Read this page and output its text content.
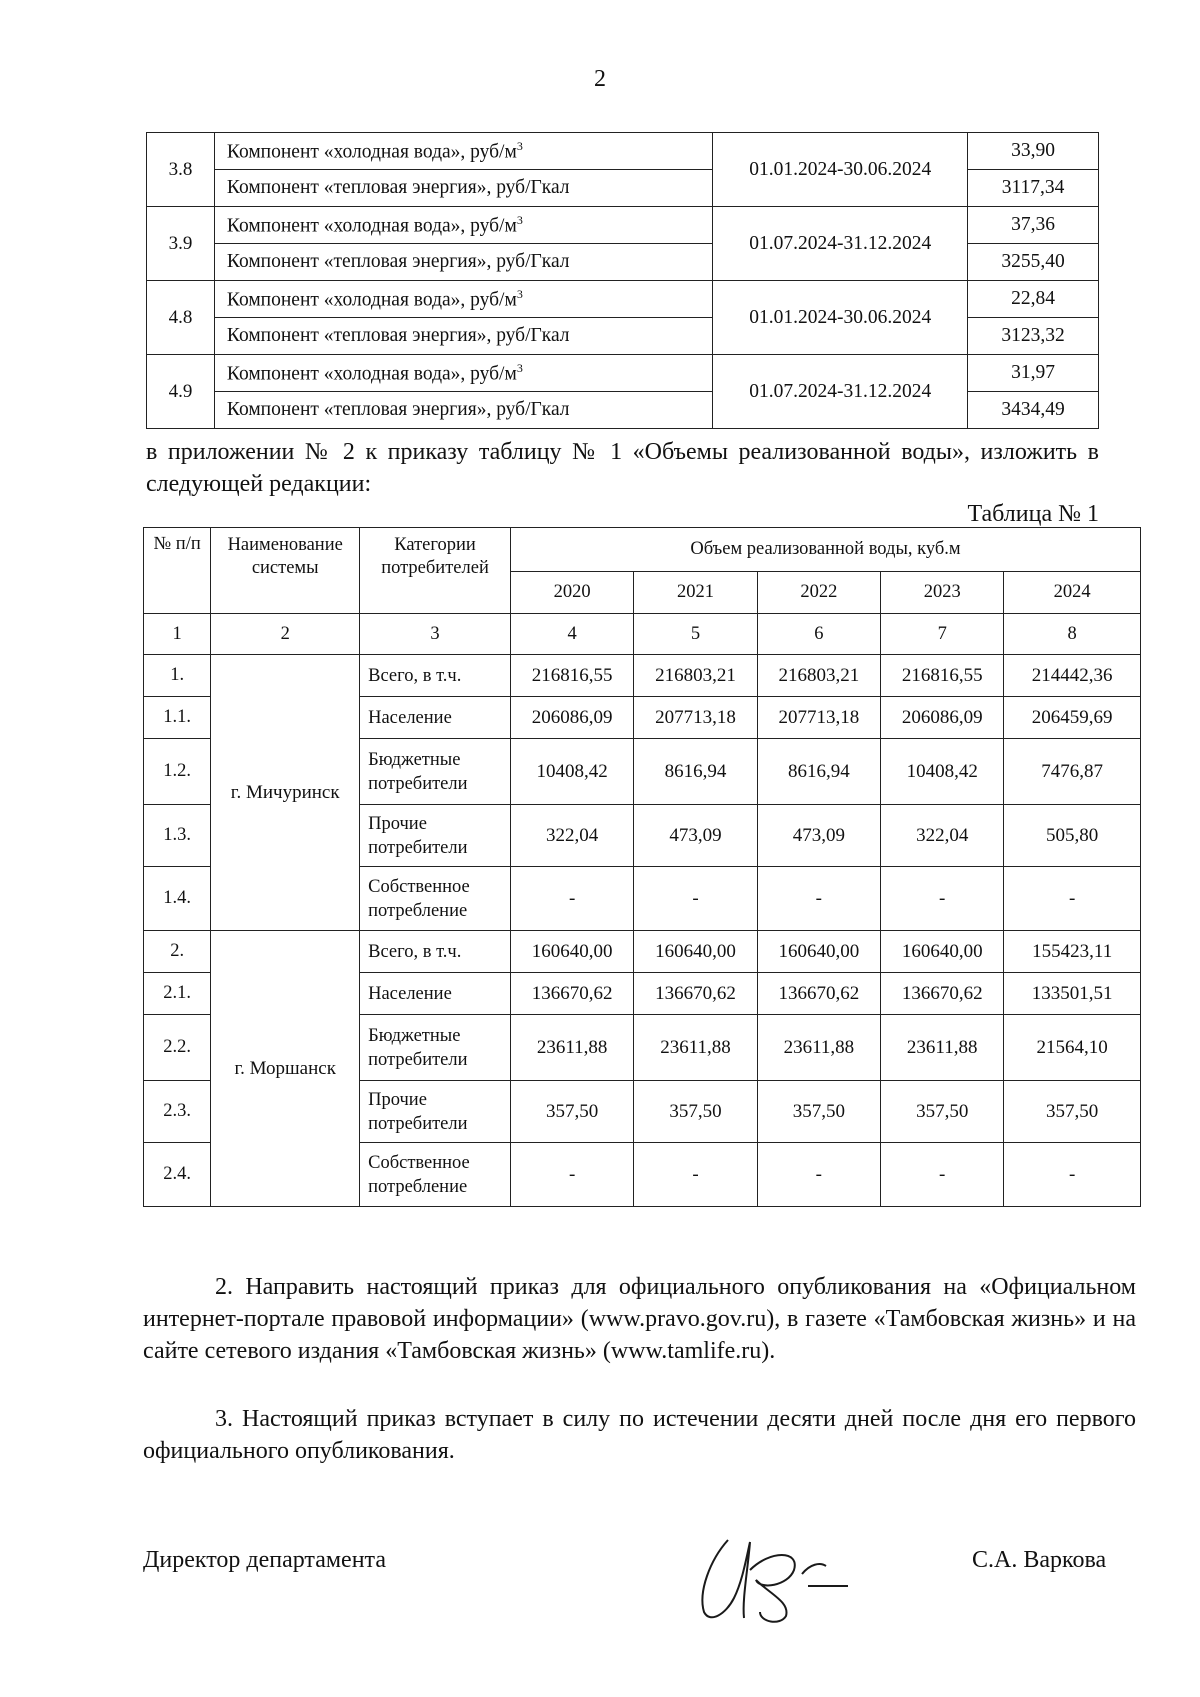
2
3.8	Компонент «холодная вода», руб/$м^3$	01.01.2024-30.06.2024	33,90
	Компонент «тепловая энергия», руб/Гкал		3117,34
3.9	Компонент «холодная вода», руб/$м^3$	01.07.2024-31.12.2024	37,36
	Компонент «тепловая энергия», руб/Гкал		3255,40
4.8	Компонент «холодная вода», руб/$м^3$	01.01.2024-30.06.2024	22,84
	Компонент «тепловая энергия», руб/Гкал		3123,32
4.9	Компонент «холодная вода», руб/$м^3$	01.07.2024-31.12.2024	31,97
	Компонент «тепловая энергия», руб/Гкал		3434,49
в приложении № 2 к приказу таблицу № 1 «Объемы реализованной воды», изложить в следующей редакции:
Таблица № 1
№ п/п	Наименование системы	Категории потребителей	Объем реализованной воды, куб.м				
			2020	2021	2022	2023	2024
1	2	3	4	5	6	7	8
1.	г. Мичуринск	Всего, в т.ч.	216816,55	216803,21	216803,21	216816,55	214442,36
1.1.		Население	206086,09	207713,18	207713,18	206086,09	206459,69
1.2.		Бюджетные потребители	10408,42	8616,94	8616,94	10408,42	7476,87
1.3.		Прочие потребители	322,04	473,09	473,09	322,04	505,80
1.4.		Собственное потребление	-	-	-	-	-
2.	г. Моршанск	Всего, в т.ч.	160640,00	160640,00	160640,00	160640,00	155423,11
2.1.		Население	136670,62	136670,62	136670,62	136670,62	133501,51
2.2.		Бюджетные потребители	23611,88	23611,88	23611,88	23611,88	21564,10
2.3.		Прочие потребители	357,50	357,50	357,50	357,50	357,50
2.4.		Собственное потребление	-	-	-	-	-
2. Направить настоящий приказ для официального опубликования на «Официальном интернет-портале правовой информации» (www.pravo.gov.ru), в газете «Тамбовская жизнь» и на сайте сетевого издания «Тамбовская жизнь» (www.tamlife.ru).
3. Настоящий приказ вступает в силу по истечении десяти дней после дня его первого официального опубликования.
Директор департамента	С.А. Варкова
